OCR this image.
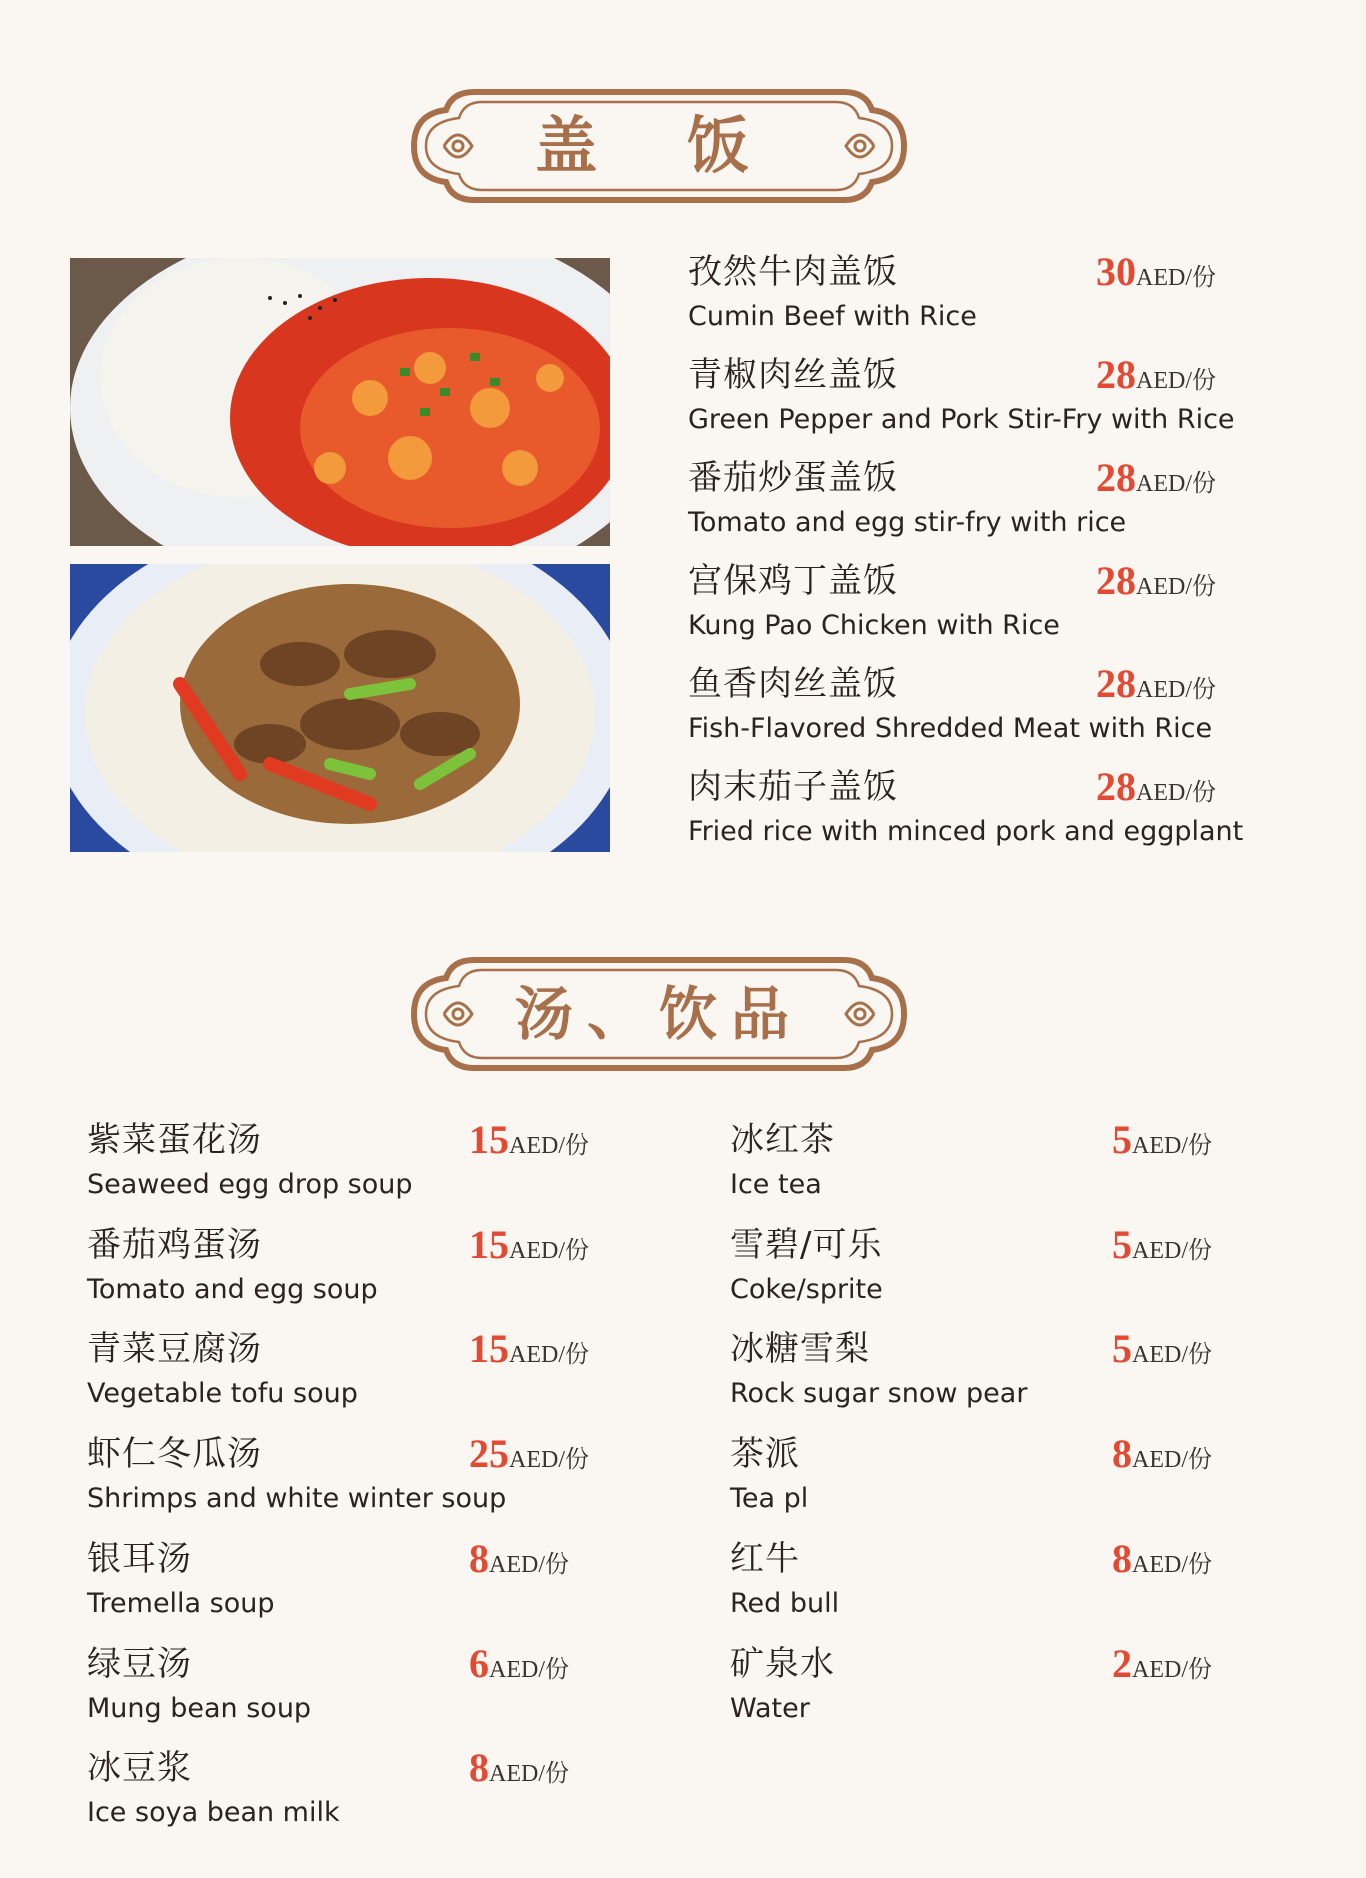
盖 饭
孜然牛肉盖饭
Cumin Beef with Rice
30AED/份
青椒肉丝盖饭
Green Pepper and Pork Stir-Fry with Rice
28AED/份
番茄炒蛋盖饭
Tomato and egg stir-fry with rice
28AED/份
宫保鸡丁盖饭
Kung Pao Chicken with Rice
28AED/份
鱼香肉丝盖饭
Fish-Flavored Shredded Meat with Rice
28AED/份
肉末茄子盖饭
Fried rice with minced pork and eggplant
28AED/份
汤、饮品
紫菜蛋花汤
Seaweed egg drop soup
15AED/份
番茄鸡蛋汤
Tomato and egg soup
15AED/份
青菜豆腐汤
Vegetable tofu soup
15AED/份
虾仁冬瓜汤
Shrimps and white winter soup
25AED/份
银耳汤
Tremella soup
8AED/份
绿豆汤
Mung bean soup
6AED/份
冰豆浆
Ice soya bean milk
8AED/份
冰红茶
Ice tea
5AED/份
雪碧/可乐
Coke/sprite
5AED/份
冰糖雪梨
Rock sugar snow pear
5AED/份
茶派
Tea pl
8AED/份
红牛
Red bull
8AED/份
矿泉水
Water
2AED/份
